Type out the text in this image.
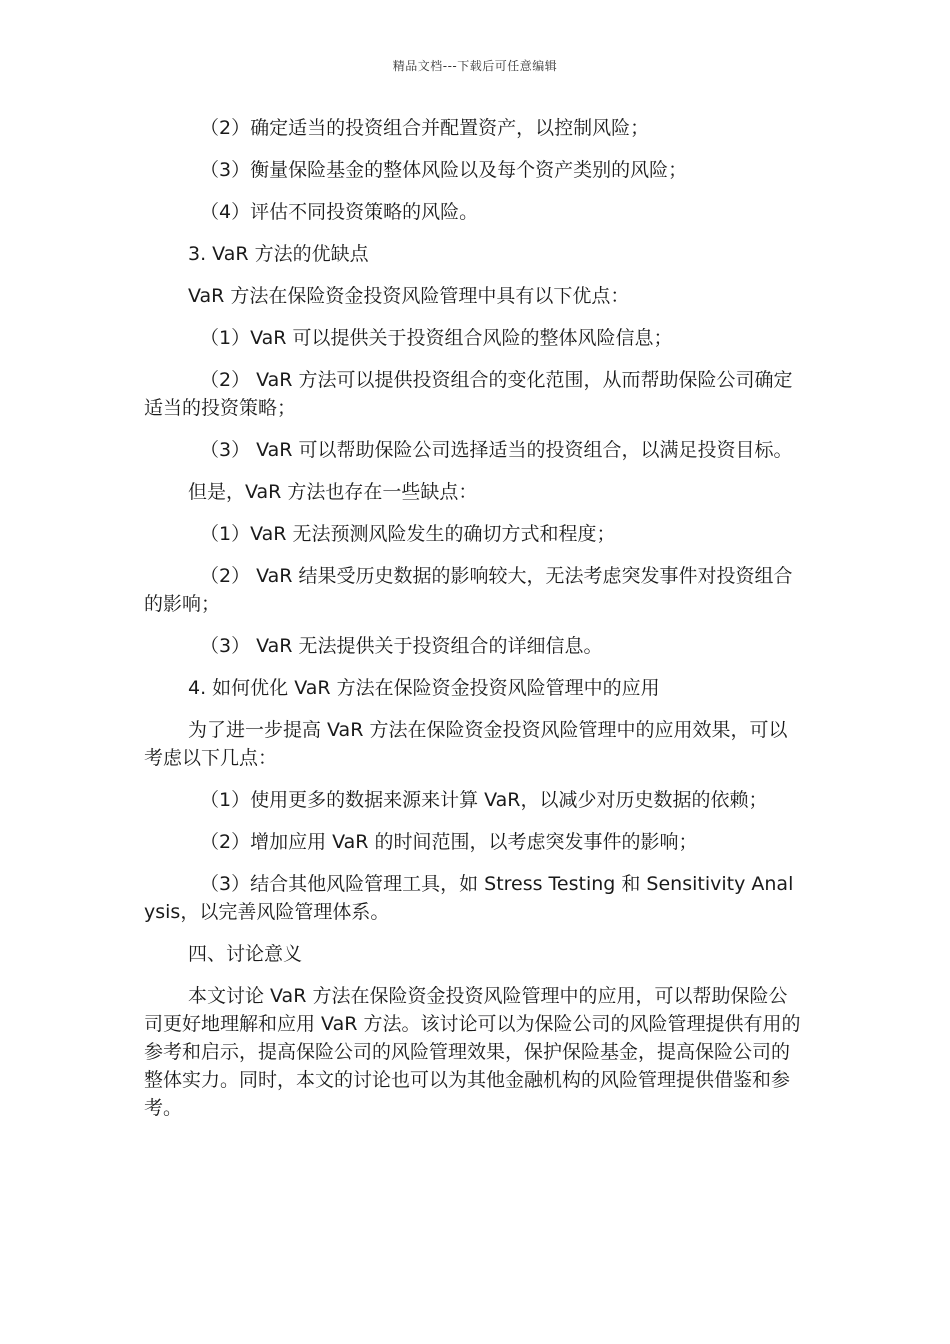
精品文档---下载后可任意编辑

（2）确定适当的投资组合并配置资产，以控制风险；

（3）衡量保险基金的整体风险以及每个资产类别的风险；

（4）评估不同投资策略的风险。

3. VaR 方法的优缺点

VaR 方法在保险资金投资风险管理中具有以下优点：

（1）VaR 可以提供关于投资组合风险的整体风险信息；

（2） VaR 方法可以提供投资组合的变化范围，从而帮助保险公司确定适当的投资策略；

（3） VaR 可以帮助保险公司选择适当的投资组合，以满足投资目标。

但是，VaR 方法也存在一些缺点：

（1）VaR 无法预测风险发生的确切方式和程度；

（2） VaR 结果受历史数据的影响较大，无法考虑突发事件对投资组合的影响；

（3） VaR 无法提供关于投资组合的详细信息。

4. 如何优化 VaR 方法在保险资金投资风险管理中的应用

为了进一步提高 VaR 方法在保险资金投资风险管理中的应用效果，可以考虑以下几点：

（1）使用更多的数据来源来计算 VaR，以减少对历史数据的依赖；

（2）增加应用 VaR 的时间范围，以考虑突发事件的影响；

（3）结合其他风险管理工具，如 Stress Testing 和 Sensitivity Analysis，以完善风险管理体系。

四、讨论意义

本文讨论 VaR 方法在保险资金投资风险管理中的应用，可以帮助保险公司更好地理解和应用 VaR 方法。该讨论可以为保险公司的风险管理提供有用的参考和启示，提高保险公司的风险管理效果，保护保险基金，提高保险公司的整体实力。同时，本文的讨论也可以为其他金融机构的风险管理提供借鉴和参考。
